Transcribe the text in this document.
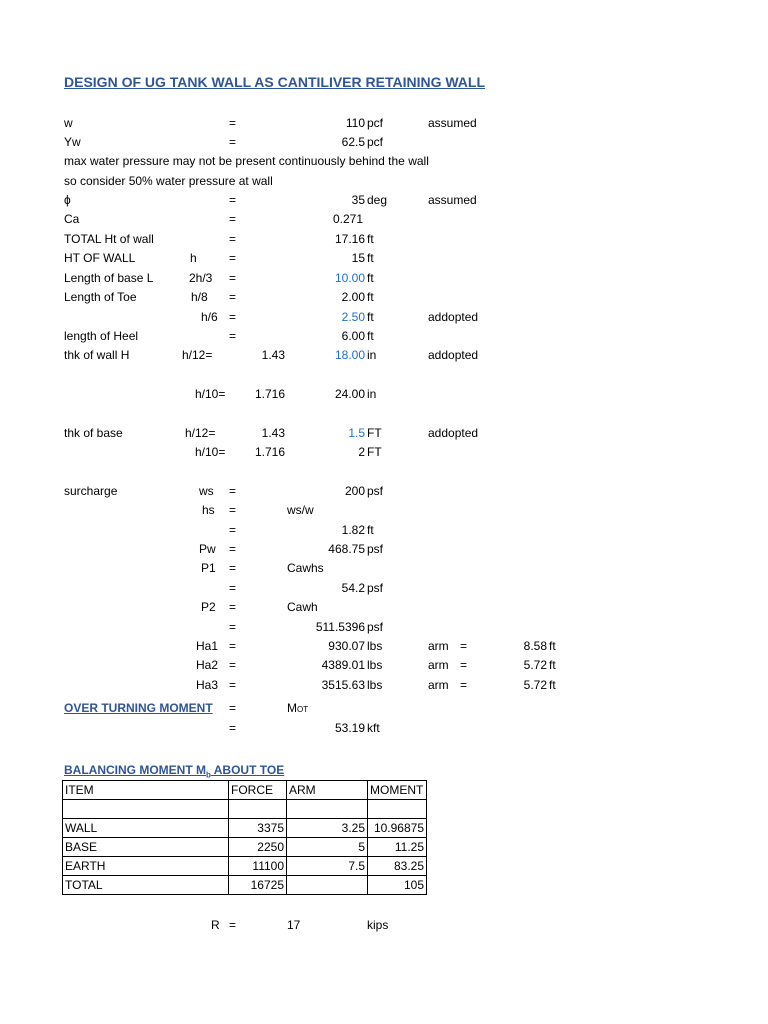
DESIGN OF UG TANK WALL AS CANTILIVER RETAINING WALL
w	=	110 pcf	assumed
Yw	=	62.5 pcf
max water pressure may not be present continuously behind the wall
so consider 50% water pressure at wall
ϕ	=	35 deg	assumed
Ca	=	0.271
TOTAL Ht of wall	=	17.16 ft
HT OF WALL	h	=	15 ft
Length of base L	2h/3 =	10.00 ft
Length of Toe	h/8 =	2.00 ft
h/6 =	2.50 ft	addopted
length of Heel	=	6.00 ft
thk of wall H	h/12=	1.43	18.00 in	addopted
h/10=	1.716	24.00 in
thk of base	h/12=	1.43	1.5 FT	addopted
h/10=	1.716	2 FT
surcharge	ws =	200 psf
hs =	ws/w
=	1.82 ft
Pw =	468.75 psf
P1 =	Cawhs
=	54.2 psf
P2 =	Cawh
=	511.5396 psf
Ha1 =	930.07 lbs	arm =	8.58 ft
Ha2 =	4389.01 lbs	arm =	5.72 ft
Ha3 =	3515.63 lbs	arm =	5.72 ft
OVER TURNING MOMENT =	MOT
=	53.19 kft
BALANCING MOMENT $M_b$ ABOUT TOE
ITEM	FORCE	ARM	MOMENT

WALL	3375	3.25	10.96875
BASE	2250	5	11.25
EARTH	11100	7.5	83.25
TOTAL	16725		105
R =	17	kips
